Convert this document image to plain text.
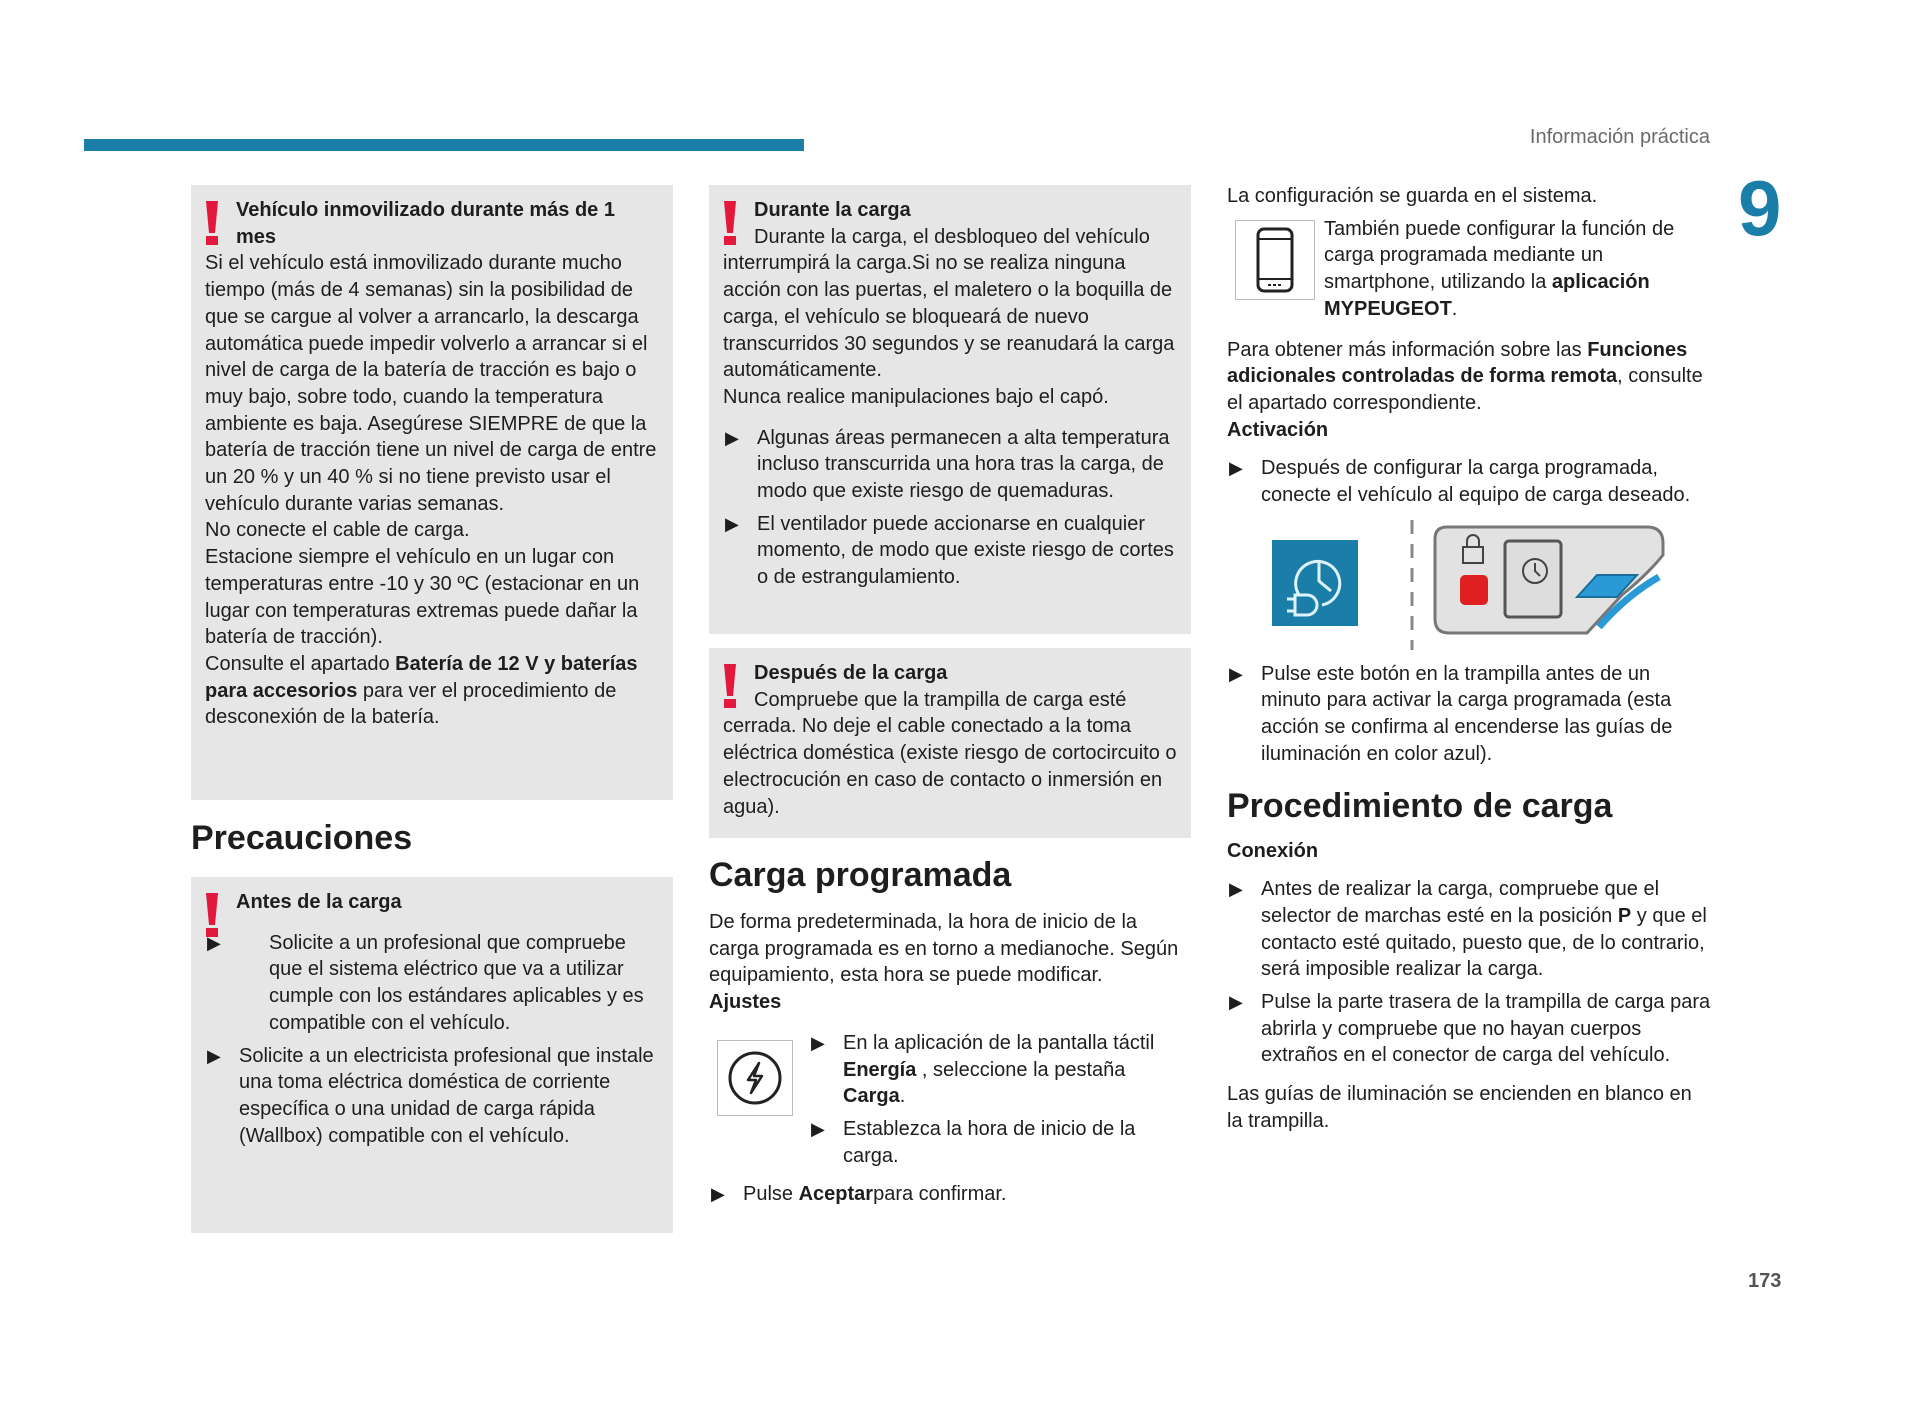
Información práctica
9
173
Vehículo inmovilizado durante más de 1 mes

Si el vehículo está inmovilizado durante mucho tiempo (más de 4 semanas) sin la posibilidad de que se cargue al volver a arrancarlo, la descarga automática puede impedir volverlo a arrancar si el nivel de carga de la batería de tracción es bajo o muy bajo, sobre todo, cuando la temperatura ambiente es baja. Asegúrese SIEMPRE de que la batería de tracción tiene un nivel de carga de entre un 20 % y un 40 % si no tiene previsto usar el vehículo durante varias semanas.

No conecte el cable de carga.

Estacione siempre el vehículo en un lugar con temperaturas entre -10 y 30 ºC (estacionar en un lugar con temperaturas extremas puede dañar la batería de tracción).

Consulte el apartado Batería de 12 V y baterías para accesorios para ver el procedimiento de desconexión de la batería.

Precauciones
Antes de la carga
▶ Solicite a un profesional que compruebe que el sistema eléctrico que va a utilizar cumple con los estándares aplicables y es compatible con el vehículo.
▶ Solicite a un electricista profesional que instale una toma eléctrica doméstica de corriente específica o una unidad de carga rápida (Wallbox) compatible con el vehículo.
Durante la carga

Durante la carga, el desbloqueo del vehículo interrumpirá la carga.Si no se realiza ninguna acción con las puertas, el maletero o la boquilla de carga, el vehículo se bloqueará de nuevo transcurridos 30 segundos y se reanudará la carga automáticamente.

Nunca realice manipulaciones bajo el capó.

▶ Algunas áreas permanecen a alta temperatura incluso transcurrida una hora tras la carga, de modo que existe riesgo de quemaduras.
▶ El ventilador puede accionarse en cualquier momento, de modo que existe riesgo de cortes o de estrangulamiento.
Después de la carga

Compruebe que la trampilla de carga esté cerrada. No deje el cable conectado a la toma eléctrica doméstica (existe riesgo de cortocircuito o electrocución en caso de contacto o inmersión en agua).

Carga programada

De forma predeterminada, la hora de inicio de la carga programada es en torno a medianoche. Según equipamiento, esta hora se puede modificar.

Ajustes
▶ En la aplicación de la pantalla táctil Energía , seleccione la pestaña Carga.
▶ Establezca la hora de inicio de la carga.
▶ Pulse Aceptarpara confirmar.

La configuración se guarda en el sistema.

También puede configurar la función de carga programada mediante un smartphone, utilizando la aplicación MYPEUGEOT.

Para obtener más información sobre las Funciones adicionales controladas de forma remota, consulte el apartado correspondiente.

Activación
▶ Después de configurar la carga programada, conecte el vehículo al equipo de carga deseado.
▶ Pulse este botón en la trampilla antes de un minuto para activar la carga programada (esta acción se confirma al encenderse las guías de iluminación en color azul).
Procedimiento de carga
Conexión
▶ Antes de realizar la carga, compruebe que el selector de marchas esté en la posición P y que el contacto esté quitado, puesto que, de lo contrario, será imposible realizar la carga.
▶ Pulse la parte trasera de la trampilla de carga para abrirla y compruebe que no hayan cuerpos extraños en el conector de carga del vehículo.

Las guías de iluminación se encienden en blanco en la trampilla.
